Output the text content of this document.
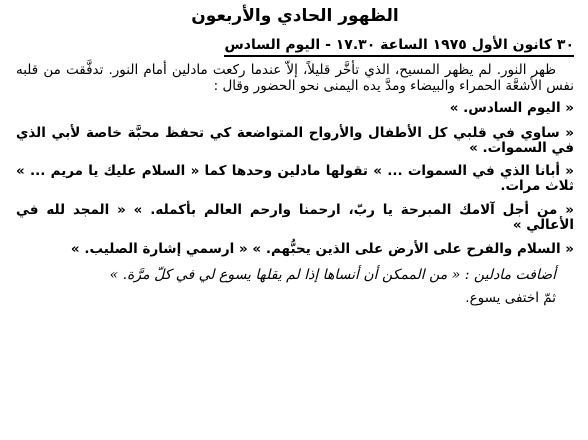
الظهور الحادي والأربعون
٣٠ كانون الأول ١٩٧٥ الساعة ١٧.٣٠ - اليوم السادس

ظهر النور. لم يظهر المسيح، الذي تأخَّر قليلاً، إلاّ عندما ركعت مادلين أمام النور. تدفَّقت من قلبه نفس الأشعَّة الحمراء والبيضاء ومدَّ يده اليمنى نحو الحضور وقال :

« اليوم السادس. »

« ساوي في قلبي كل الأطفال والأرواح المتواضعة كي تحفظ محبَّة خاصة لأبي الذي في السموات. »

« أبانا الذي في السموات ... » تقولها مادلين وحدها كما « السلام عليك يا مريم ... » ثلاث مرات.

« من أجل آلامك المبرحة يا ربّ، ارحمنا وارحم العالم بأكمله. » « المجد لله في الأعالي »

« السلام والفرح على الأرض على الذين يحبُّهم. » « ارسمي إشارة الصليب. »

أضافت مادلين : « من الممكن أن أنساها إذا لم يقلها يسوع لي في كلّ مرَّة. »

ثمّ اختفى يسوع.
